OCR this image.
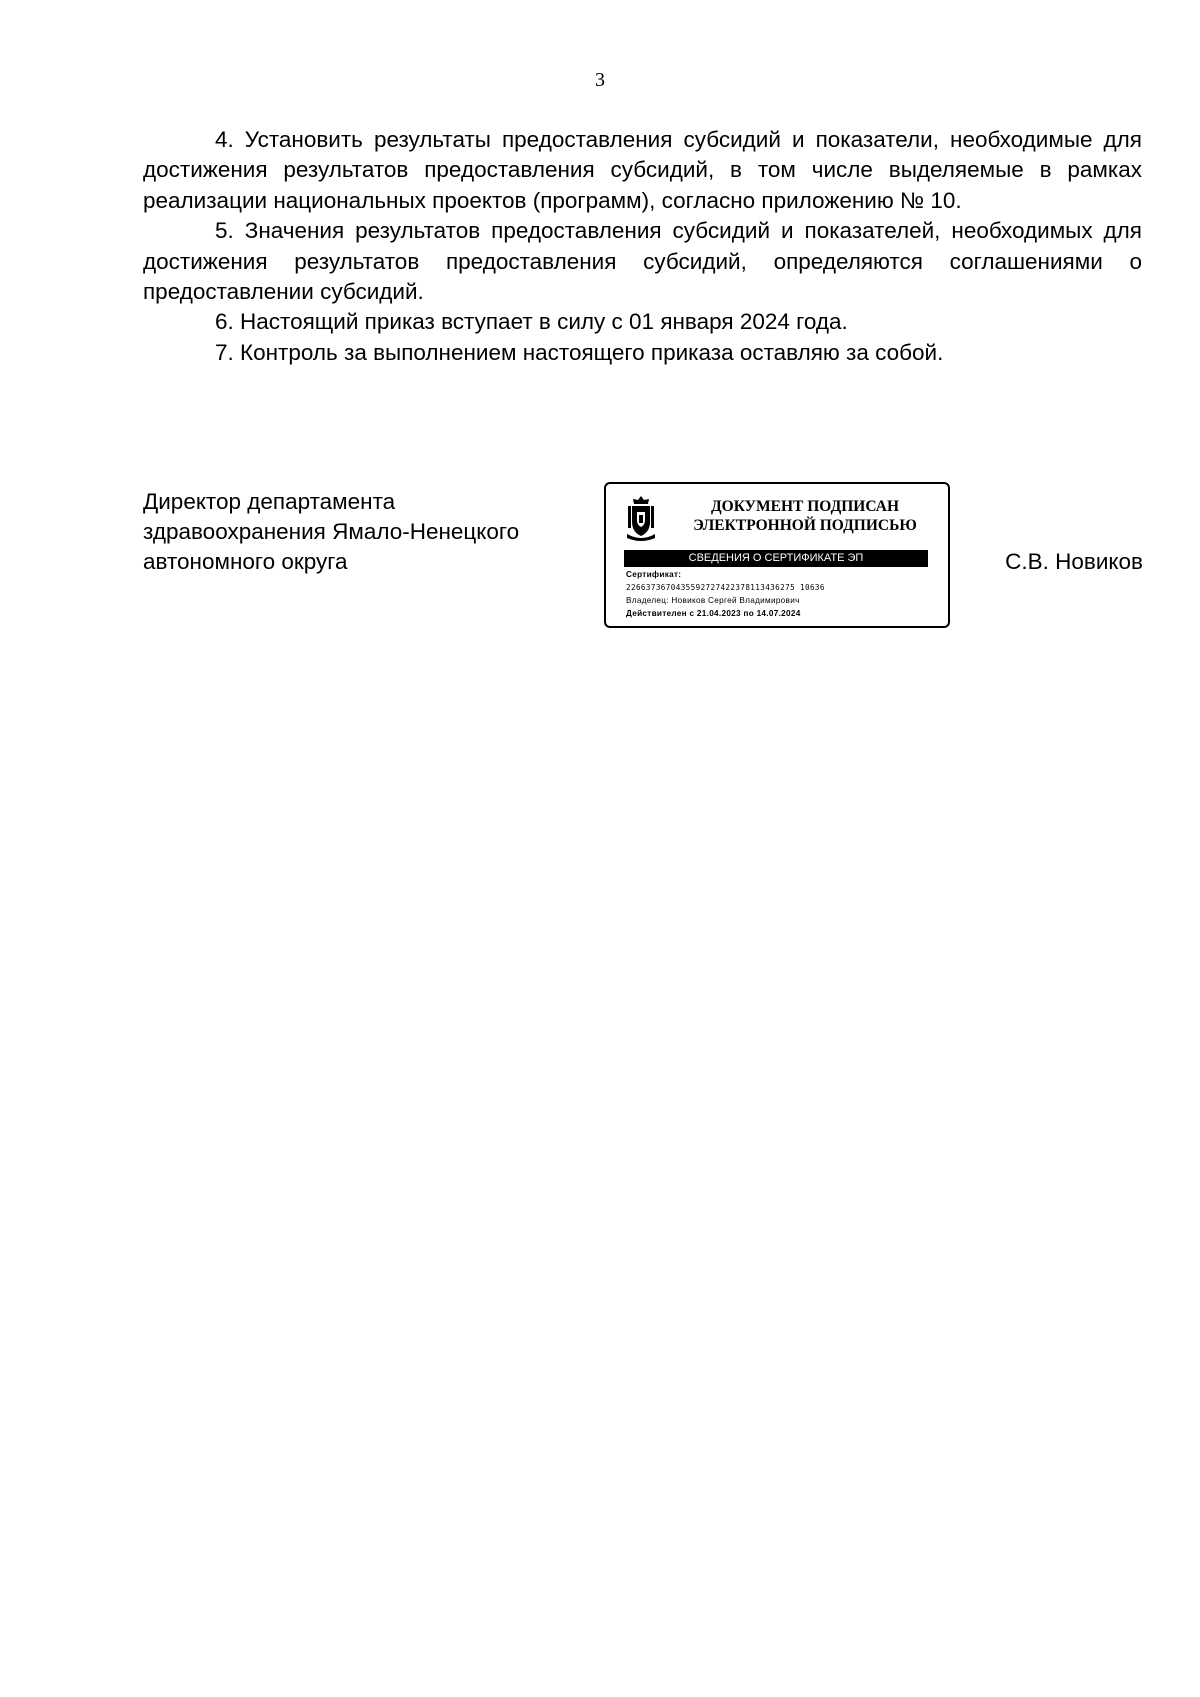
3

4. Установить результаты предоставления субсидий и показатели, необходимые для достижения результатов предоставления субсидий, в том числе выделяемые в рамках реализации национальных проектов (программ), согласно приложению № 10.

5. Значения результатов предоставления субсидий и показателей, необходимых для достижения результатов предоставления субсидий, определяются соглашениями о предоставлении субсидий.

6. Настоящий приказ вступает в силу с 01 января 2024 года.

7. Контроль за выполнением настоящего приказа оставляю за собой.

Директор департамента
здравоохранения Ямало-Ненецкого
автономного округа
ДОКУМЕНТ ПОДПИСАН
ЭЛЕКТРОННОЙ ПОДПИСЬЮ
СВЕДЕНИЯ О СЕРТИФИКАТЕ ЭП
Сертификат:
2266373670435592727422378113436275 10636
Владелец: Новиков Сергей Владимирович
Действителен с 21.04.2023 по 14.07.2024
С.В. Новиков
